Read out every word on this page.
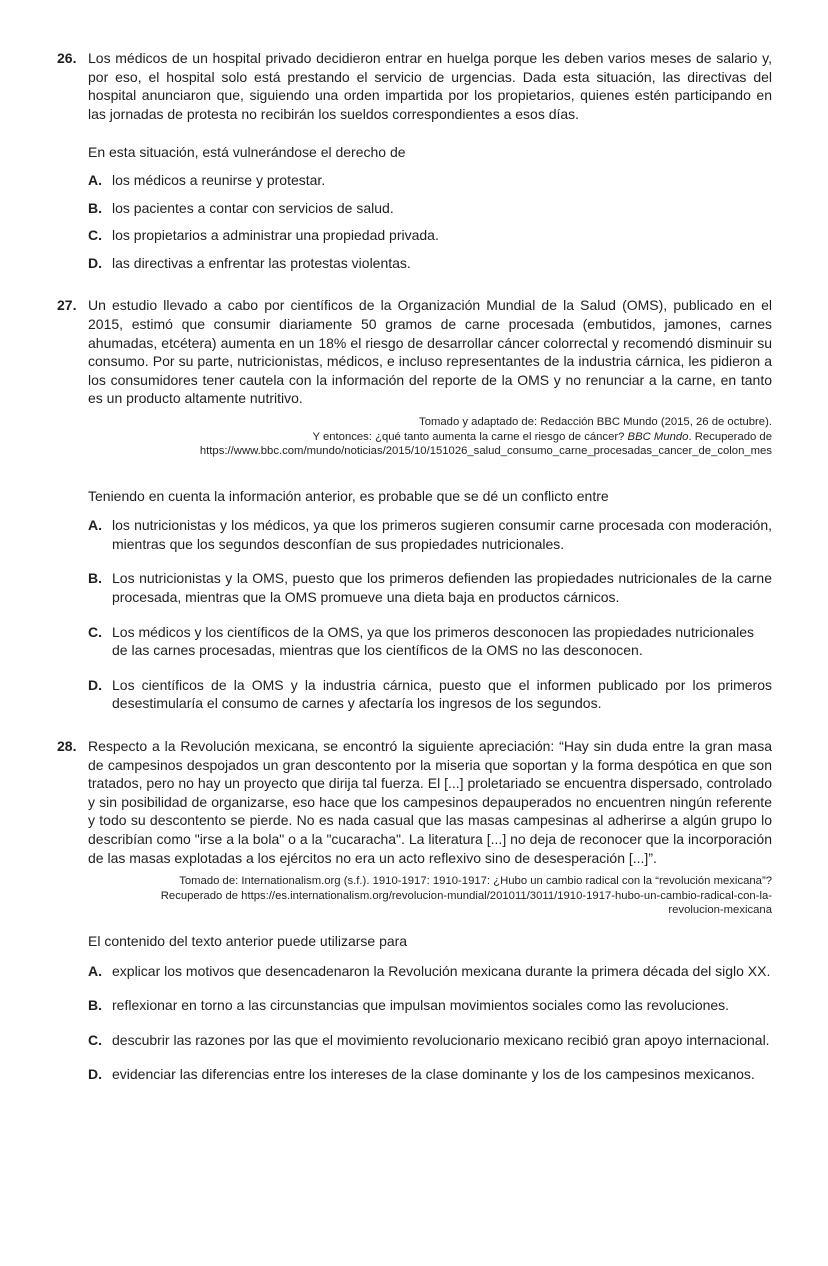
26. Los médicos de un hospital privado decidieron entrar en huelga porque les deben varios meses de salario y, por eso, el hospital solo está prestando el servicio de urgencias. Dada esta situación, las directivas del hospital anunciaron que, siguiendo una orden impartida por los propietarios, quienes estén participando en las jornadas de protesta no recibirán los sueldos correspondientes a esos días.

En esta situación, está vulnerándose el derecho de

A. los médicos a reunirse y protestar.
B. los pacientes a contar con servicios de salud.
C. los propietarios a administrar una propiedad privada.
D. las directivas a enfrentar las protestas violentas.
27. Un estudio llevado a cabo por científicos de la Organización Mundial de la Salud (OMS), publicado en el 2015, estimó que consumir diariamente 50 gramos de carne procesada (embutidos, jamones, carnes ahumadas, etcétera) aumenta en un 18% el riesgo de desarrollar cáncer colorrectal y recomendó disminuir su consumo. Por su parte, nutricionistas, médicos, e incluso representantes de la industria cárnica, les pidieron a los consumidores tener cautela con la información del reporte de la OMS y no renunciar a la carne, en tanto es un producto altamente nutritivo.

Tomado y adaptado de: Redacción BBC Mundo (2015, 26 de octubre).
Y entonces: ¿qué tanto aumenta la carne el riesgo de cáncer? BBC Mundo. Recuperado de
https://www.bbc.com/mundo/noticias/2015/10/151026_salud_consumo_carne_procesadas_cancer_de_colon_mes

Teniendo en cuenta la información anterior, es probable que se dé un conflicto entre

A. los nutricionistas y los médicos, ya que los primeros sugieren consumir carne procesada con moderación, mientras que los segundos desconfían de sus propiedades nutricionales.
B. Los nutricionistas y la OMS, puesto que los primeros defienden las propiedades nutricionales de la carne procesada, mientras que la OMS promueve una dieta baja en productos cárnicos.
C. Los médicos y los científicos de la OMS, ya que los primeros desconocen las propiedades nutricionales de las carnes procesadas, mientras que los científicos de la OMS no las desconocen.
D. Los científicos de la OMS y la industria cárnica, puesto que el informen publicado por los primeros desestimularía el consumo de carnes y afectaría los ingresos de los segundos.
28. Respecto a la Revolución mexicana, se encontró la siguiente apreciación: “Hay sin duda entre la gran masa de campesinos despojados un gran descontento por la miseria que soportan y la forma despótica en que son tratados, pero no hay un proyecto que dirija tal fuerza. El [...] proletariado se encuentra dispersado, controlado y sin posibilidad de organizarse, eso hace que los campesinos depauperados no encuentren ningún referente y todo su descontento se pierde. No es nada casual que las masas campesinas al adherirse a algún grupo lo describían como "irse a la bola" o a la "cucaracha". La literatura [...] no deja de reconocer que la incorporación de las masas explotadas a los ejércitos no era un acto reflexivo sino de desesperación [...]”.

Tomado de: Internationalism.org (s.f.). 1910-1917: 1910-1917: ¿Hubo un cambio radical con la “revolución mexicana”?
Recuperado de https://es.internationalism.org/revolucion-mundial/201011/3011/1910-1917-hubo-un-cambio-radical-con-la-
revolucion-mexicana

El contenido del texto anterior puede utilizarse para

A. explicar los motivos que desencadenaron la Revolución mexicana durante la primera década del siglo XX.
B. reflexionar en torno a las circunstancias que impulsan movimientos sociales como las revoluciones.
C. descubrir las razones por las que el movimiento revolucionario mexicano recibió gran apoyo internacional.
D. evidenciar las diferencias entre los intereses de la clase dominante y los de los campesinos mexicanos.
